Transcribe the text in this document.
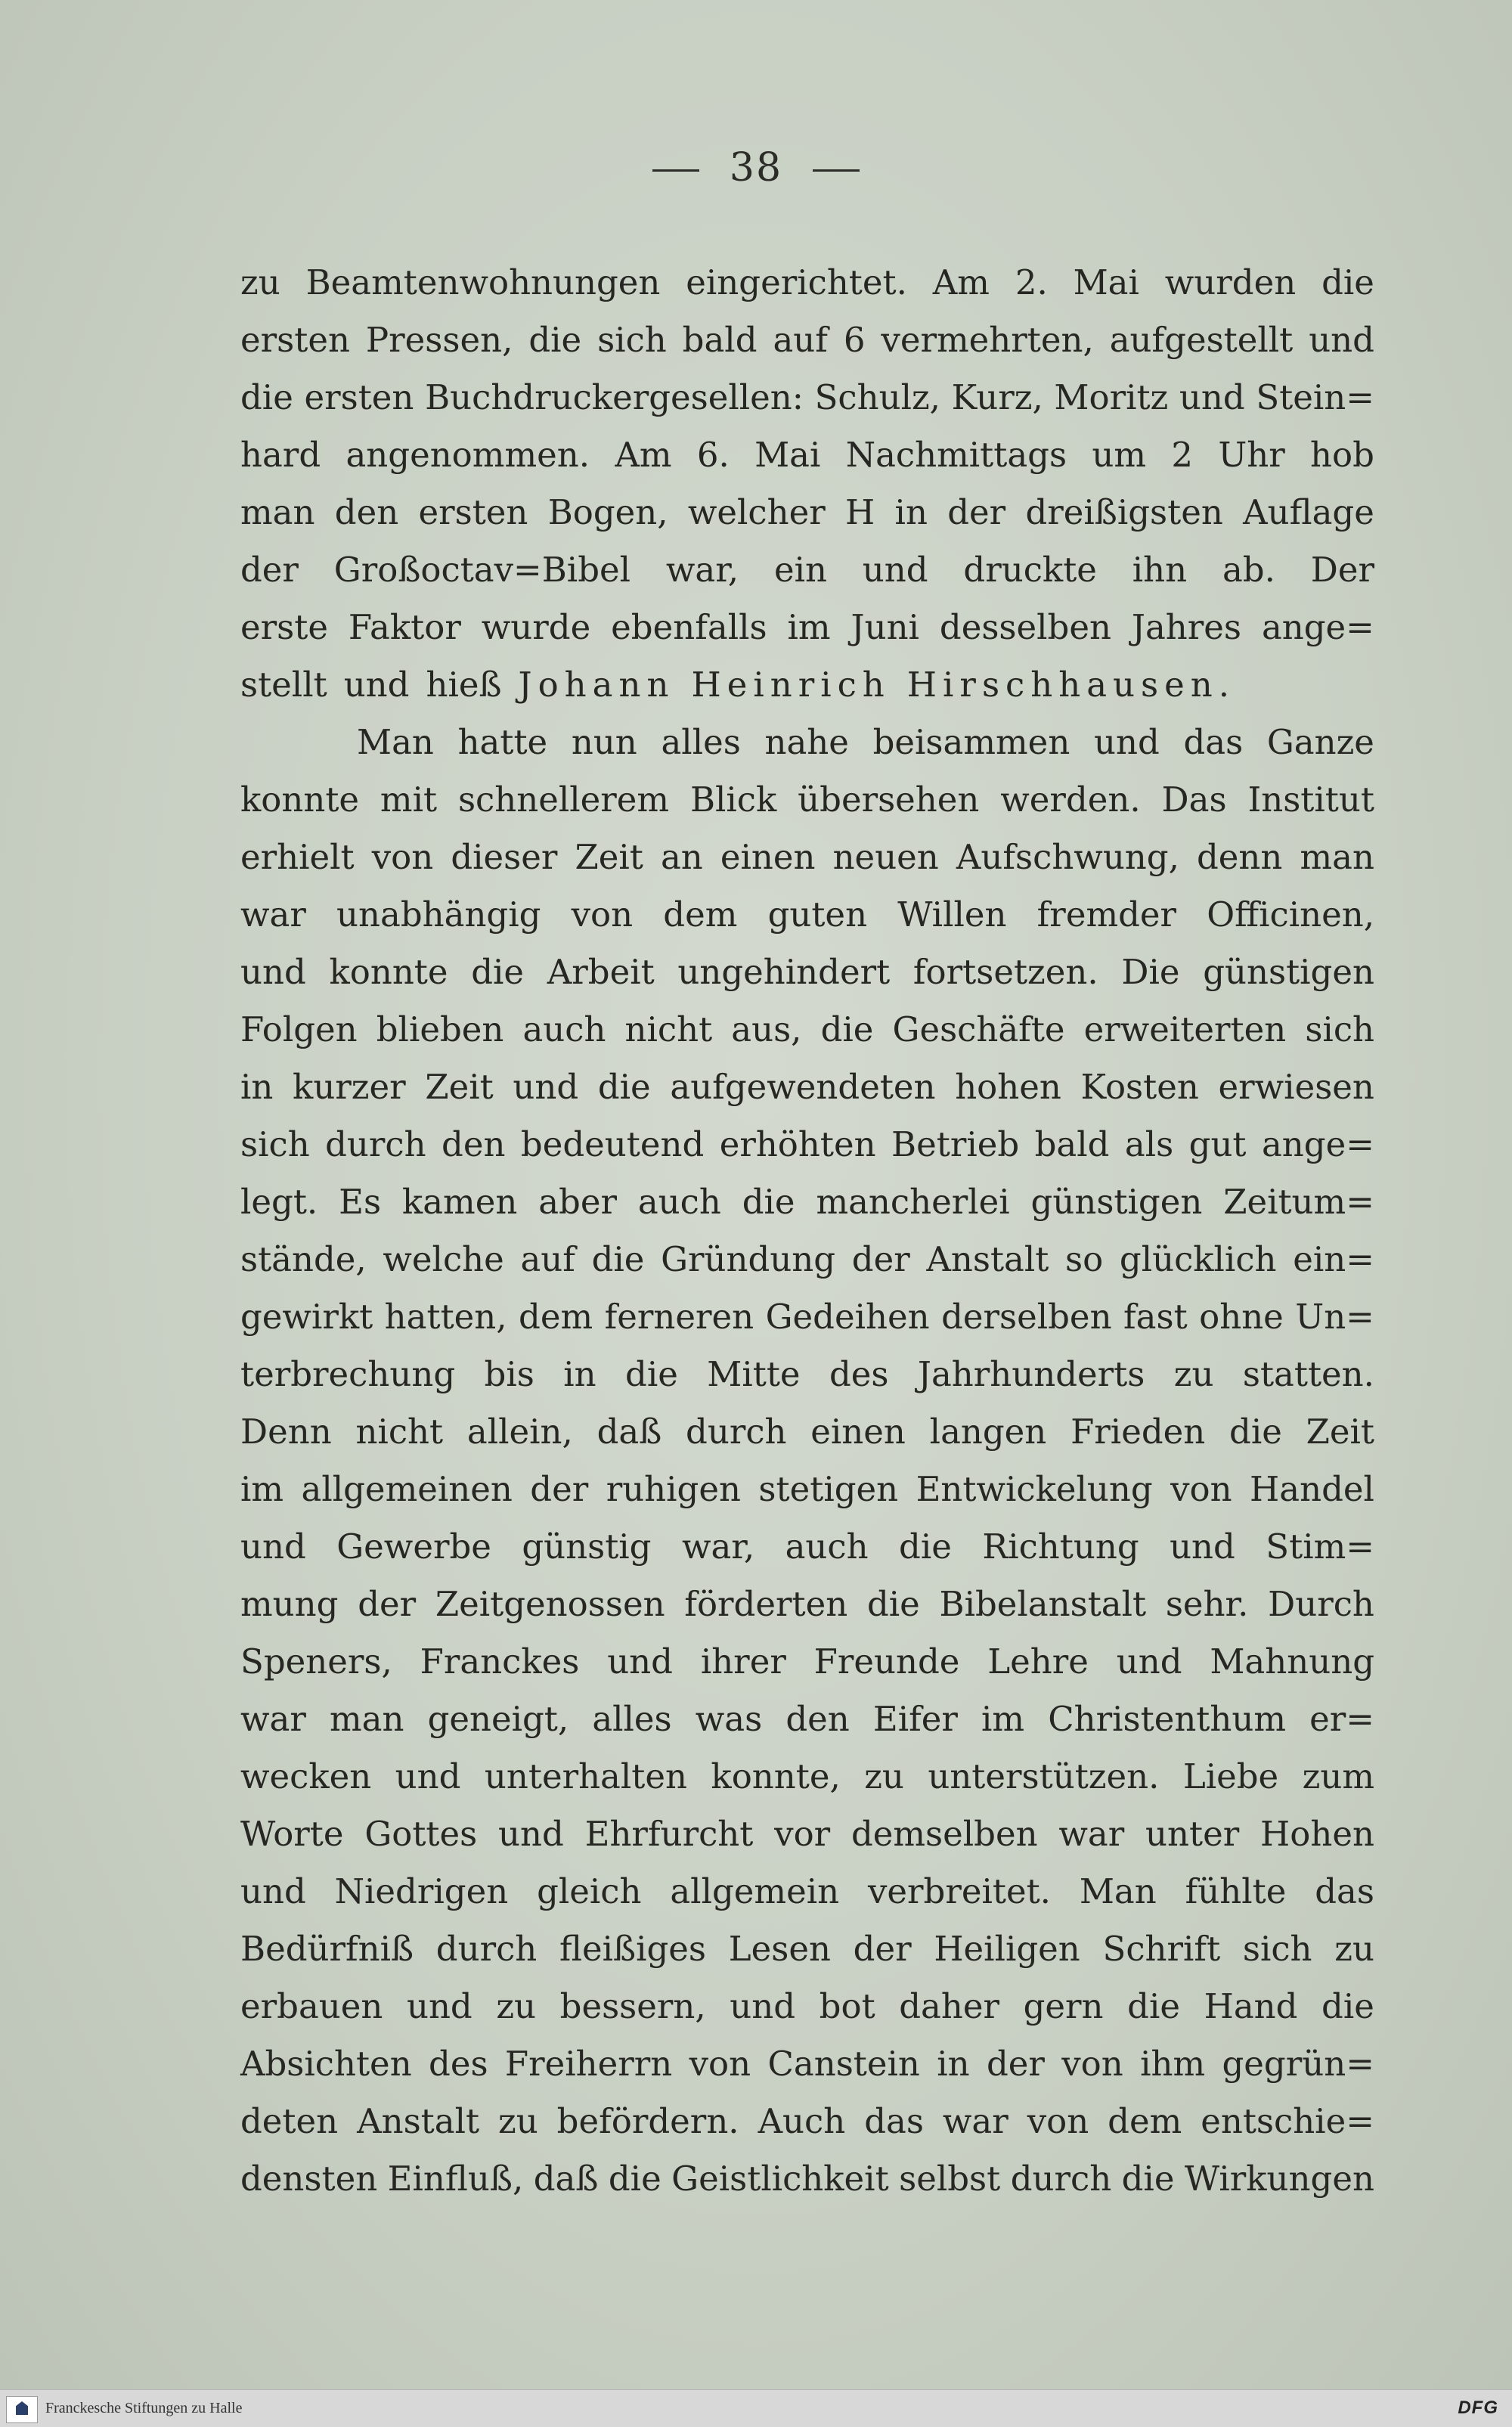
38
zu Beamtenwohnungen eingerichtet. Am 2. Mai wurden die
ersten Pressen, die sich bald auf 6 vermehrten, aufgestellt und
die ersten Buchdruckergesellen: Schulz, Kurz, Moritz und Stein=
hard angenommen. Am 6. Mai Nachmittags um 2 Uhr hob
man den ersten Bogen, welcher H in der dreißigsten Auflage
der Großoctav=Bibel war, ein und druckte ihn ab. Der
erste Faktor wurde ebenfalls im Juni desselben Jahres ange=
stellt und hieß Johann Heinrich Hirschhausen.
Man hatte nun alles nahe beisammen und das Ganze
konnte mit schnellerem Blick übersehen werden. Das Institut
erhielt von dieser Zeit an einen neuen Aufschwung, denn man
war unabhängig von dem guten Willen fremder Officinen,
und konnte die Arbeit ungehindert fortsetzen. Die günstigen
Folgen blieben auch nicht aus, die Geschäfte erweiterten sich
in kurzer Zeit und die aufgewendeten hohen Kosten erwiesen
sich durch den bedeutend erhöhten Betrieb bald als gut ange=
legt. Es kamen aber auch die mancherlei günstigen Zeitum=
stände, welche auf die Gründung der Anstalt so glücklich ein=
gewirkt hatten, dem ferneren Gedeihen derselben fast ohne Un=
terbrechung bis in die Mitte des Jahrhunderts zu statten.
Denn nicht allein, daß durch einen langen Frieden die Zeit
im allgemeinen der ruhigen stetigen Entwickelung von Handel
und Gewerbe günstig war, auch die Richtung und Stim=
mung der Zeitgenossen förderten die Bibelanstalt sehr. Durch
Speners, Franckes und ihrer Freunde Lehre und Mahnung
war man geneigt, alles was den Eifer im Christenthum er=
wecken und unterhalten konnte, zu unterstützen. Liebe zum
Worte Gottes und Ehrfurcht vor demselben war unter Hohen
und Niedrigen gleich allgemein verbreitet. Man fühlte das
Bedürfniß durch fleißiges Lesen der Heiligen Schrift sich zu
erbauen und zu bessern, und bot daher gern die Hand die
Absichten des Freiherrn von Canstein in der von ihm gegrün=
deten Anstalt zu befördern. Auch das war von dem entschie=
densten Einfluß, daß die Geistlichkeit selbst durch die Wirkungen
Franckesche Stiftungen zu Halle	DFG
